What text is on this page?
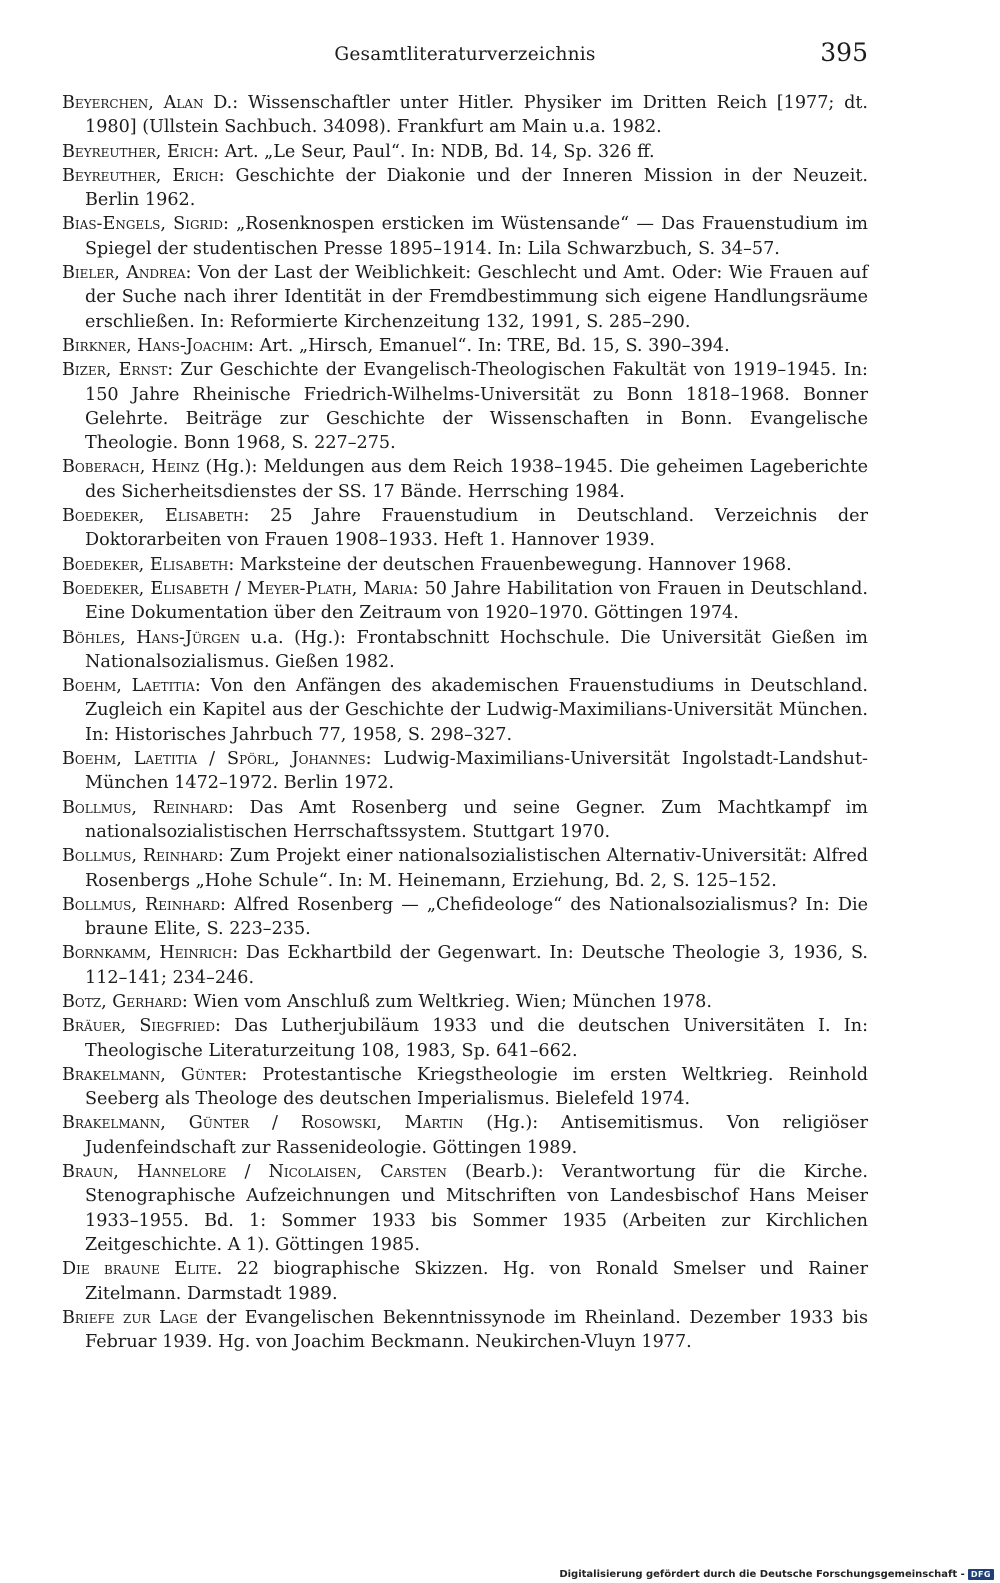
Gesamtliteraturverzeichnis	395

Beyerchen, Alan D.: Wissenschaftler unter Hitler. Physiker im Dritten Reich [1977; dt. 1980] (Ullstein Sachbuch. 34098). Frankfurt am Main u.a. 1982.

Beyreuther, Erich: Art. „Le Seur, Paul“. In: NDB, Bd. 14, Sp. 326 ff.

Beyreuther, Erich: Geschichte der Diakonie und der Inneren Mission in der Neuzeit. Berlin 1962.

Bias-Engels, Sigrid: „Rosenknospen ersticken im Wüstensande“ — Das Frauenstudium im Spiegel der studentischen Presse 1895–1914. In: Lila Schwarzbuch, S. 34–57.

Bieler, Andrea: Von der Last der Weiblichkeit: Geschlecht und Amt. Oder: Wie Frauen auf der Suche nach ihrer Identität in der Fremdbestimmung sich eigene Handlungsräume erschließen. In: Reformierte Kirchenzeitung 132, 1991, S. 285–290.

Birkner, Hans-Joachim: Art. „Hirsch, Emanuel“. In: TRE, Bd. 15, S. 390–394.

Bizer, Ernst: Zur Geschichte der Evangelisch-Theologischen Fakultät von 1919–1945. In: 150 Jahre Rheinische Friedrich-Wilhelms-Universität zu Bonn 1818–1968. Bonner Gelehrte. Beiträge zur Geschichte der Wissenschaften in Bonn. Evangelische Theologie. Bonn 1968, S. 227–275.

Boberach, Heinz (Hg.): Meldungen aus dem Reich 1938–1945. Die geheimen Lageberichte des Sicherheitsdienstes der SS. 17 Bände. Herrsching 1984.

Boedeker, Elisabeth: 25 Jahre Frauenstudium in Deutschland. Verzeichnis der Doktorarbeiten von Frauen 1908–1933. Heft 1. Hannover 1939.

Boedeker, Elisabeth: Marksteine der deutschen Frauenbewegung. Hannover 1968.

Boedeker, Elisabeth / Meyer-Plath, Maria: 50 Jahre Habilitation von Frauen in Deutschland. Eine Dokumentation über den Zeitraum von 1920–1970. Göttingen 1974.

Böhles, Hans-Jürgen u.a. (Hg.): Frontabschnitt Hochschule. Die Universität Gießen im Nationalsozialismus. Gießen 1982.

Boehm, Laetitia: Von den Anfängen des akademischen Frauenstudiums in Deutschland. Zugleich ein Kapitel aus der Geschichte der Ludwig-Maximilians-Universität München. In: Historisches Jahrbuch 77, 1958, S. 298–327.

Boehm, Laetitia / Spörl, Johannes: Ludwig-Maximilians-Universität Ingolstadt-Landshut-München 1472–1972. Berlin 1972.

Bollmus, Reinhard: Das Amt Rosenberg und seine Gegner. Zum Machtkampf im nationalsozialistischen Herrschaftssystem. Stuttgart 1970.

Bollmus, Reinhard: Zum Projekt einer nationalsozialistischen Alternativ-Universität: Alfred Rosenbergs „Hohe Schule“. In: M. Heinemann, Erziehung, Bd. 2, S. 125–152.

Bollmus, Reinhard: Alfred Rosenberg — „Chefideologe“ des Nationalsozialismus? In: Die braune Elite, S. 223–235.

Bornkamm, Heinrich: Das Eckhartbild der Gegenwart. In: Deutsche Theologie 3, 1936, S. 112–141; 234–246.

Botz, Gerhard: Wien vom Anschluß zum Weltkrieg. Wien; München 1978.

Bräuer, Siegfried: Das Lutherjubiläum 1933 und die deutschen Universitäten I. In: Theologische Literaturzeitung 108, 1983, Sp. 641–662.

Brakelmann, Günter: Protestantische Kriegstheologie im ersten Weltkrieg. Reinhold Seeberg als Theologe des deutschen Imperialismus. Bielefeld 1974.

Brakelmann, Günter / Rosowski, Martin (Hg.): Antisemitismus. Von religiöser Judenfeindschaft zur Rassenideologie. Göttingen 1989.

Braun, Hannelore / Nicolaisen, Carsten (Bearb.): Verantwortung für die Kirche. Stenographische Aufzeichnungen und Mitschriften von Landesbischof Hans Meiser 1933–1955. Bd. 1: Sommer 1933 bis Sommer 1935 (Arbeiten zur Kirchlichen Zeitgeschichte. A 1). Göttingen 1985.

Die braune Elite. 22 biographische Skizzen. Hg. von Ronald Smelser und Rainer Zitelmann. Darmstadt 1989.

Briefe zur Lage der Evangelischen Bekenntnissynode im Rheinland. Dezember 1933 bis Februar 1939. Hg. von Joachim Beckmann. Neukirchen-Vluyn 1977.

Digitalisierung gefördert durch die Deutsche Forschungsgemeinschaft - DFG
